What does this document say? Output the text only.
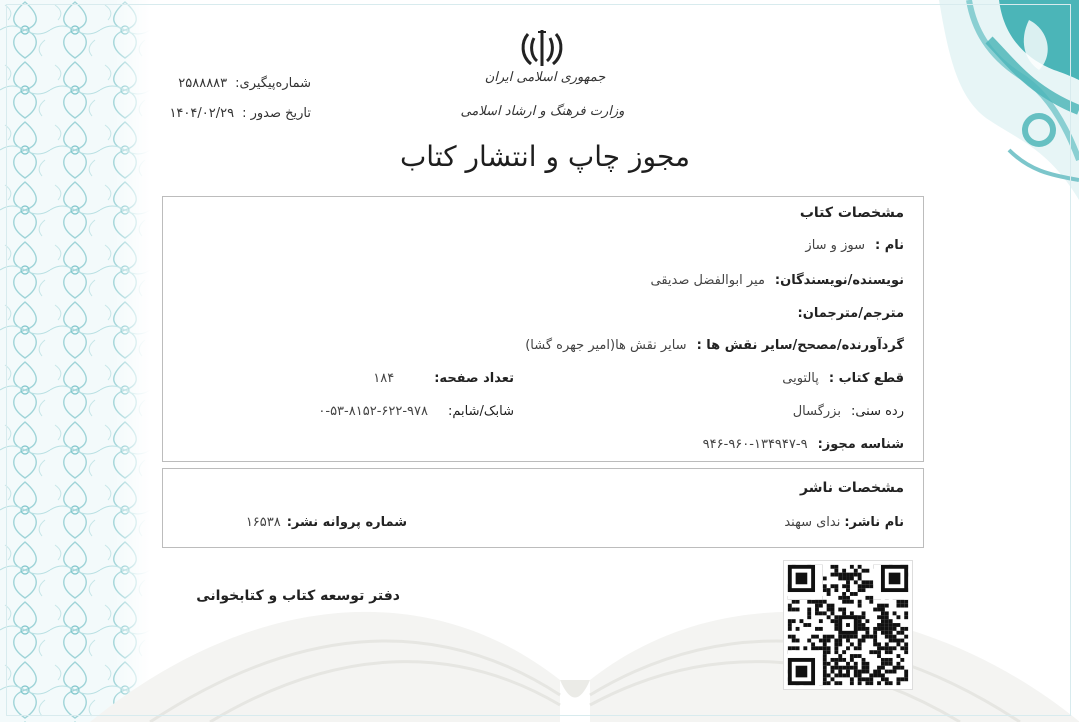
جمهوری اسلامی ایران
وزارت فرهنگ و ارشاد اسلامی
مجوز چاپ و انتشار کتاب
شماره‌پیگیری:۲۵۸۸۸۸۳
تاریخ صدور :۱۴۰۴/۰۲/۲۹
مشخصات کتاب
نام :سوز و ساز
نویسنده/نویسندگان:میر ابوالفضل صدیقی
مترجم/مترجمان:
گردآورنده/مصحح/سایر نقش ها :سایر نقش ها(امیر جهره گشا)
قطع کتاب :پالتویی
تعداد صفحه:۱۸۴
رده سنی:بزرگسال
شابک/شابم:۹۷۸-۶۲۲-۸۱۵۲-۵۳-۰
شناسه مجوز:۹-۱۳۴۹۴۷-۹۶۰-۹۴۶
مشخصات ناشر
نام ناشر:ندای سهند
شماره پروانه نشر:۱۶۵۳۸
دفتر توسعه کتاب و کتابخوانی
